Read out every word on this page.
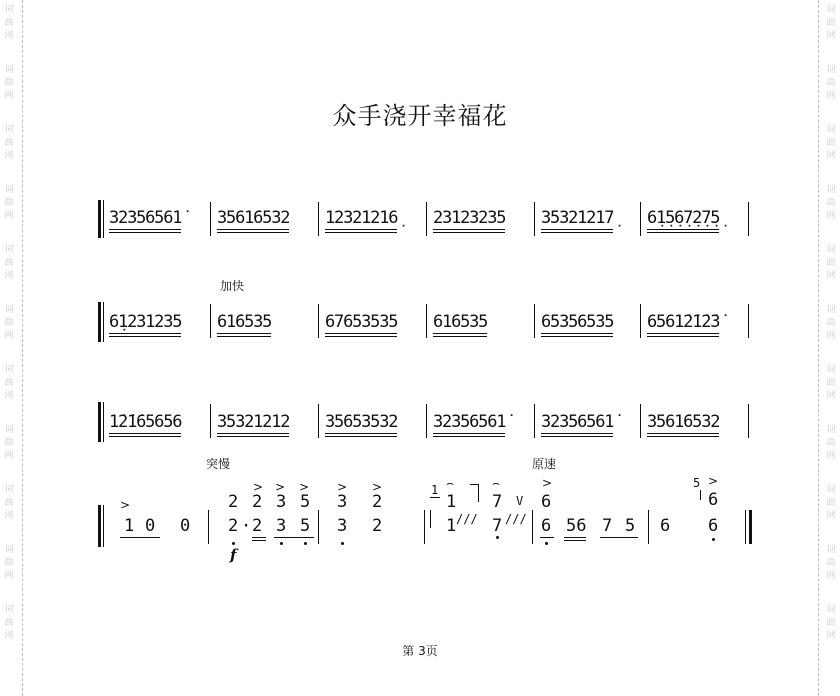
词
曲
网
词
曲
网
词
曲
网
词
曲
网
词
曲
网
词
曲
网
词
曲
网
词
曲
网
词
曲
网
词
曲
网
词
曲
网
词
曲
网
词
曲
网
词
曲
网
词
曲
网
词
曲
网
词
曲
网
词
曲
网
词
曲
网
词
曲
网
词
曲
网
词
曲
网
众手浇开幸福花
32356561̇ 3561̇6532 12321216̣ 23123235 35321217̣ 6̣1̣5̣6̣7̣2̣7̣5̣
加快
6̣1231235 61̇6535	67653535 61̇6535	65356535 6561̇2̇1̇2̇3̇
1̇2̇1̇65656 35321212 35653532 32356561̇ 32356561̇ 3561̇6532
突慢	原速
>
1 0 0
> > >
2 2 3 5
2 · 2 3 5
f
> >
3 2
3 2
⌢	⌢
1
1 7
1 /// 7 ///
V
>
6
6 56 7 5
5 >
6
6 6
第 3页
